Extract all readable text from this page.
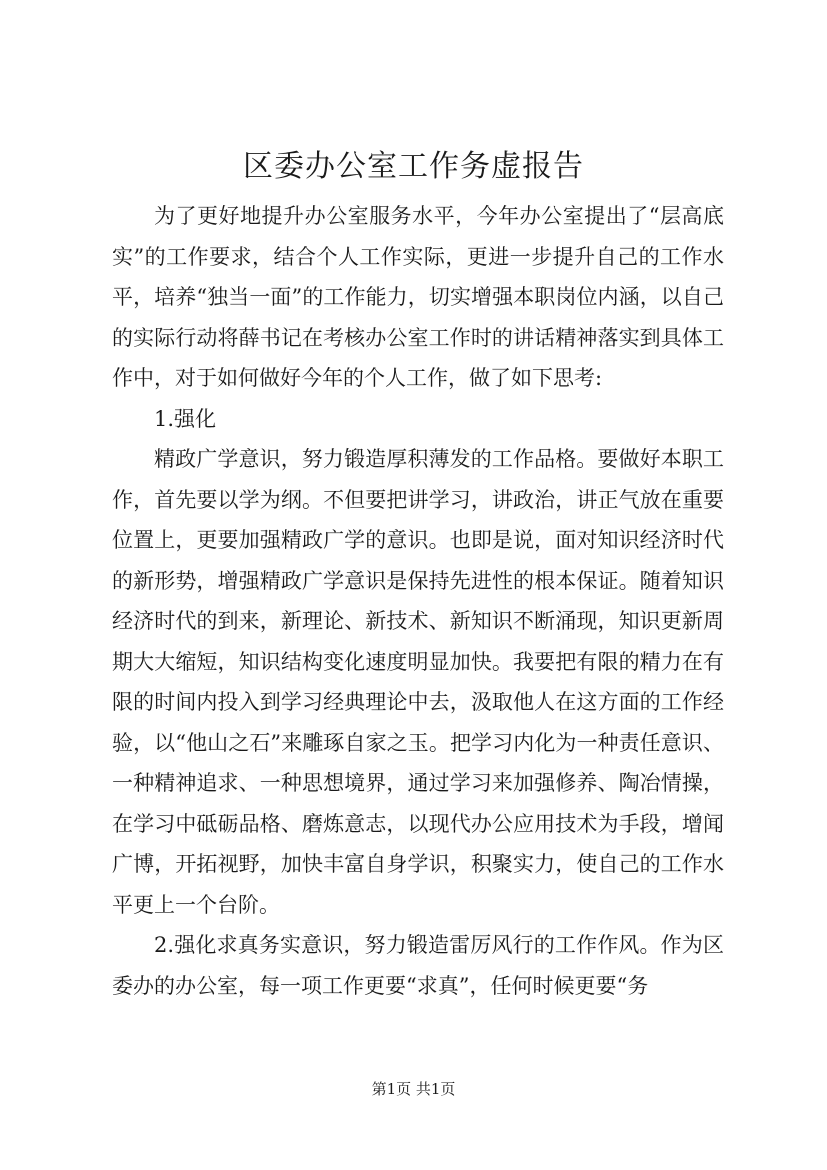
区委办公室工作务虚报告

为了更好地提升办公室服务水平，今年办公室提出了“层高底实”的工作要求，结合个人工作实际，更进一步提升自己的工作水平，培养“独当一面”的工作能力，切实增强本职岗位内涵，以自己的实际行动将薛书记在考核办公室工作时的讲话精神落实到具体工作中，对于如何做好今年的个人工作，做了如下思考:

1.强化

精政广学意识，努力锻造厚积薄发的工作品格。要做好本职工作，首先要以学为纲。不但要把讲学习，讲政治，讲正气放在重要位置上，更要加强精政广学的意识。也即是说，面对知识经济时代的新形势，增强精政广学意识是保持先进性的根本保证。随着知识经济时代的到来，新理论、新技术、新知识不断涌现，知识更新周期大大缩短，知识结构变化速度明显加快。我要把有限的精力在有限的时间内投入到学习经典理论中去，汲取他人在这方面的工作经验，以“他山之石”来雕琢自家之玉。把学习内化为一种责任意识、一种精神追求、一种思想境界，通过学习来加强修养、陶冶情操，在学习中砥砺品格、磨炼意志，以现代办公应用技术为手段，增闻广博，开拓视野，加快丰富自身学识，积聚实力，使自己的工作水平更上一个台阶。

2.强化求真务实意识，努力锻造雷厉风行的工作作风。作为区委办的办公室，每一项工作更要“求真”，任何时候更要“务

第1页 共1页
